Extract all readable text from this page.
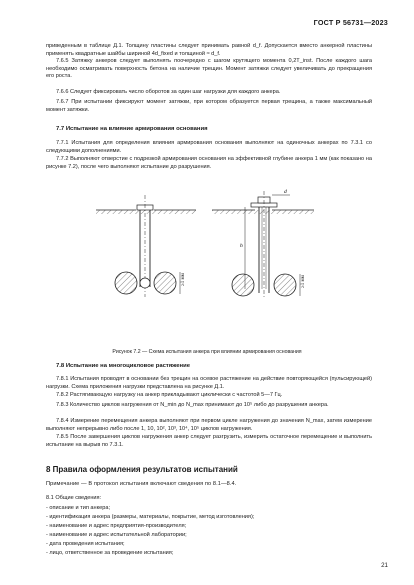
ГОСТ Р 56731—2023

приведенным в таблице Д.1. Толщину пластины следует принимать равной d_f. Допускается вместо анкерной пластины применять квадратные шайбы шириной 4d_fixed и толщиной ≈ d_f.

7.6.5 Затяжку анкеров следует выполнять поочередно с шагом крутящего момента 0,2T_inst. После каждого шага необходимо осматривать поверхность бетона на наличие трещин. Момент затяжки следует увеличивать до прекращения его роста.

7.6.6 Следует фиксировать число оборотов за один шаг нагрузки для каждого анкера.

7.6.7 При испытании фиксируют момент затяжки, при котором образуется первая трещина, а также максимальный момент затяжки.

7.7 Испытание на влияние армирования основания

7.7.1 Испытания для определения влияния армирования основания выполняют на одиночных анкерах по 7.3.1 со следующими дополнениями.

7.7.2 Выполняют отверстие с подрезкой армирования основания на эффективной глубине анкера 1 мм (как показано на рисунке 7.2), после чего выполняют испытание до разрушения.

≥1 мм
h
≥1 мм
d

Рисунок 7.2 — Схема испытания анкера при влиянии армирования основания

7.8 Испытание на многоцикловое растяжение

7.8.1 Испытания проводят в основании без трещин на осевое растяжение на действие повторяющейся (пульсирующей) нагрузки. Схема приложения нагрузки представлена на рисунке Д.1.

7.8.2 Растягивающую нагрузку на анкер прикладывают циклически с частотой 5—7 Гц.

7.8.3 Количество циклов нагружения от N_min до N_max принимают до 10⁵ либо до разрушения анкера.

7.8.4 Измерение перемещения анкера выполняют при первом цикле нагружения до значения N_max, затем измерение выполняют непрерывно либо после 1, 10, 10², 10³, 10⁴, 10⁵ циклов нагружения.

7.8.5 После завершения циклов нагружения анкер следует разгрузить, измерить остаточное перемещение и выполнить испытание на вырыв по 7.3.1.

8 Правила оформления результатов испытаний

Примечание — В протокол испытания включают сведения по 8.1—8.4.

8.1 Общие сведения:

- описание и тип анкера;

- идентификация анкера (размеры, материалы, покрытие, метод изготовления);

- наименование и адрес предприятия-производителя;

- наименование и адрес испытательной лаборатории;

- дата проведения испытания;

- лицо, ответственное за проведение испытания;

21
